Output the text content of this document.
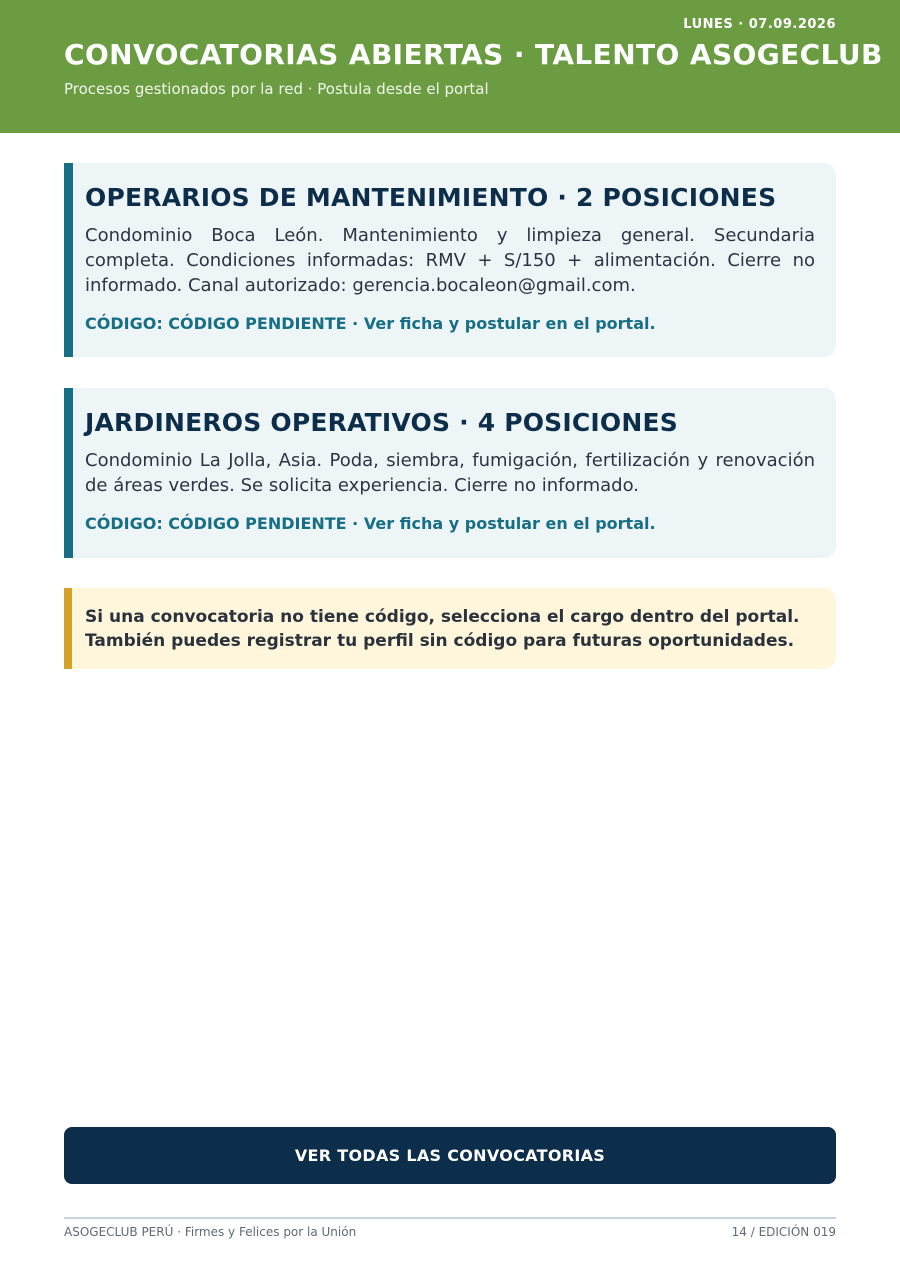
LUNES · 07.09.2026
CONVOCATORIAS ABIERTAS · TALENTO ASOGECLUB
Procesos gestionados por la red · Postula desde el portal
OPERARIOS DE MANTENIMIENTO · 2 POSICIONES

Condominio Boca León. Mantenimiento y limpieza general. Secundaria completa. Condiciones informadas: RMV + S/150 + alimentación. Cierre no informado. Canal autorizado: gerencia.bocaleon@gmail.com.

CÓDIGO: CÓDIGO PENDIENTE · Ver ficha y postular en el portal.

JARDINEROS OPERATIVOS · 4 POSICIONES

Condominio La Jolla, Asia. Poda, siembra, fumigación, fertilización y renovación de áreas verdes. Se solicita experiencia. Cierre no informado.

CÓDIGO: CÓDIGO PENDIENTE · Ver ficha y postular en el portal.

Si una convocatoria no tiene código, selecciona el cargo dentro del portal.

También puedes registrar tu perfil sin código para futuras oportunidades.

VER TODAS LAS CONVOCATORIAS
ASOGECLUB PERÚ · Firmes y Felices por la Unión	14 / EDICIÓN 019
